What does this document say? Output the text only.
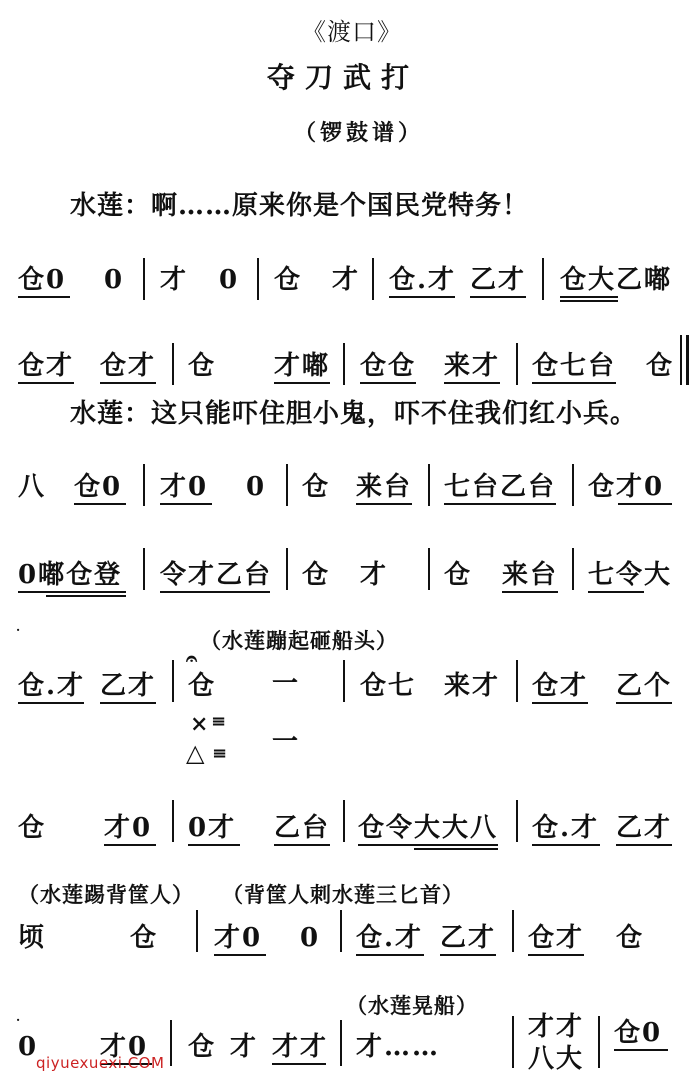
《渡口》
夺刀武打
（锣鼓谱）
水莲：啊……原来你是个国民党特务！
仓0 0 才 0 仓 才 仓.才 乙才 仓大乙嘟
仓才 仓才 仓 才嘟 仓仓 来才 仓七台 仓
水莲：这只能吓住胆小鬼，吓不住我们红小兵。
八 仓0 才0 0 仓 来台 七台乙台 仓才0
0嘟仓登 令才乙台 仓 才 仓 来台 七令大
·	（水莲蹦起砸船头）
仓.才 乙才
𝄐
仓 一 仓七 来才 仓才 乙个
× ≡
△ ≡ 一
仓 才0 0才 乙台 仓令大大八 仓.才 乙才
（水莲踢背筐人） （背筐人刺水莲三匕首）
顷	仓 才0 0 仓.才 乙才 仓才 仓
（水莲晃船）
·
0 才0 仓 才 才才 才……
才才
八大
仓0
qiyuexuexi.COM
